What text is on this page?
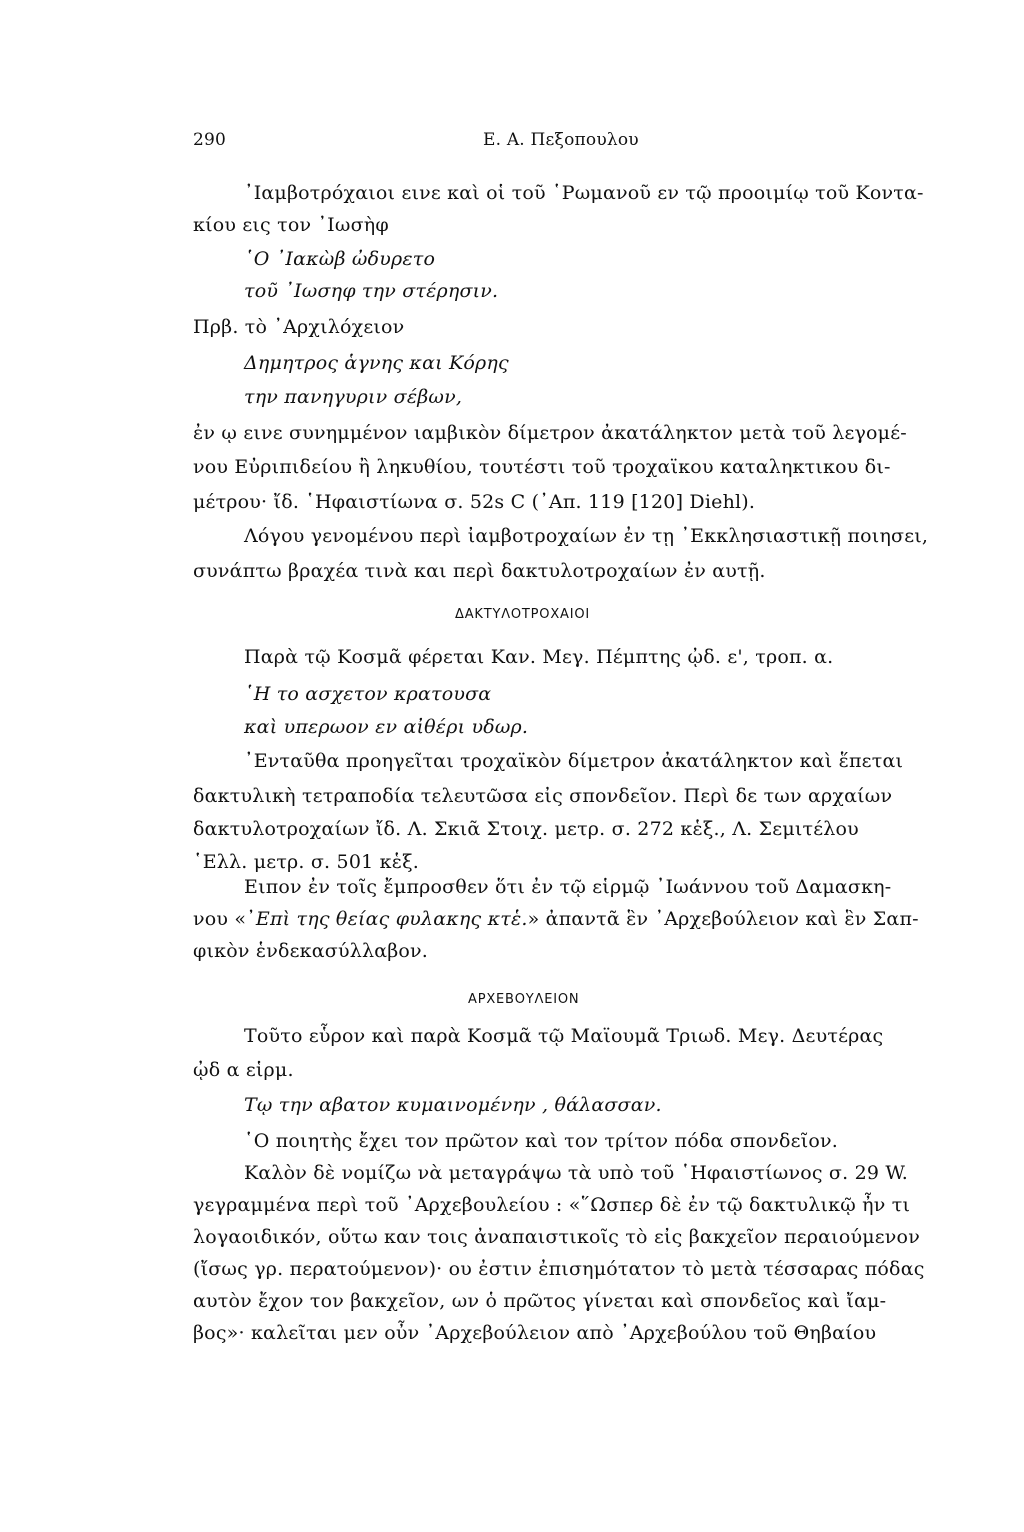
290	Ε. Α. Πεξοπουλου
᾿Ιαμβοτρόχαιοι εινε καὶ οἱ τοῦ ῾Ρωμανοῦ εν τῷ προοιμίῳ τοῦ Κοντα-
κίου εις τον ᾿Ιωσὴφ
῾Ο ᾿Ιακὼβ ὠδυρετο
τοῦ ᾿Ιωσηφ την στέρησιν.
Πρβ. τὸ ᾿Αρχιλόχειον
Δημητρος ἁγνης και Κόρης
την πανηγυριν σέβων,
ἐν ῳ εινε συνημμένον ιαμβικὸν δίμετρον ἀκατάληκτον μετὰ τοῦ λεγομέ-
νου Εὐριπιδείου ἢ ληκυθίου, τουτέστι τοῦ τροχαϊκου καταληκτικου δι-
μέτρου· ἴδ. ῾Ηφαιστίωνα σ. 52s C (᾿Απ. 119 [120] Diehl).
Λόγου γενομένου περὶ ἰαμβοτροχαίων ἐν τῃ ᾿Εκκλησιαστικῇ ποιησει,
συνάπτω βραχέα τινὰ και περὶ δακτυλοτροχαίων ἐν αυτῇ.
ΔΑΚΤΥΛΟΤΡΟΧΑΙΟΙ
Παρὰ τῷ Κοσμᾶ φέρεται Καν. Μεγ. Πέμπτης ᾠδ. ε', τροπ. α.
῾Η το ασχετον κρατουσα
καὶ υπερωον εν αἰθέρι υδωρ.
᾿Ενταῦθα προηγεῖται τροχαϊκὸν δίμετρον ἀκατάληκτον καὶ ἕπεται
δακτυλικὴ τετραποδία τελευτῶσα εἰς σπονδεῖον. Περὶ δε των αρχαίων
δακτυλοτροχαίων ἴδ. Λ. Σκιᾶ Στοιχ. μετρ. σ. 272 κἑξ., Λ. Σεμιτέλου
῾Ελλ. μετρ. σ. 501 κἑξ.
Ειπον ἐν τοῖς ἔμπροσθεν ὅτι ἐν τῷ εἱρμῷ ᾿Ιωάννου τοῦ Δαμασκη-
νου «᾿Επὶ της θείας φυλακης κτἑ.» ἀπαντᾶ ἓν ᾿Αρχεβούλειον καὶ ἓν Σαπ-
φικὸν ἑνδεκασύλλαβον.
ΑΡΧΕΒΟΥΛΕΙΟΝ
Τοῦτο εὗρον καὶ παρὰ Κοσμᾶ τῷ Μαϊουμᾶ Τριωδ. Μεγ. Δευτέρας
ᾠδ α εἱρμ.
Τῳ την αβατον κυμαινομένην , θάλασσαν.
῾Ο ποιητὴς ἔχει τον πρῶτον καὶ τον τρίτον πόδα σπονδεῖον.
Καλὸν δὲ νομίζω νὰ μεταγράψω τὰ υπὸ τοῦ ῾Ηφαιστίωνος σ. 29 W.
γεγραμμένα περὶ τοῦ ᾿Αρχεβουλείου : «῞Ωσπερ δὲ ἐν τῷ δακτυλικῷ ἦν τι
λογαοιδικόν, οὕτω καν τοις ἀναπαιστικοῖς τὸ εἰς βακχεῖον περαιούμενον
(ἴσως γρ. περατούμενον)· ου ἐστιν ἐπισημότατον τὸ μετὰ τέσσαρας πόδας
αυτὸν ἔχον τον βακχεῖον, ων ὁ πρῶτος γίνεται καὶ σπονδεῖος καὶ ἴαμ-
βος»· καλεῖται μεν οὖν ᾿Αρχεβούλειον απὸ ᾿Αρχεβούλου τοῦ Θηβαίου
